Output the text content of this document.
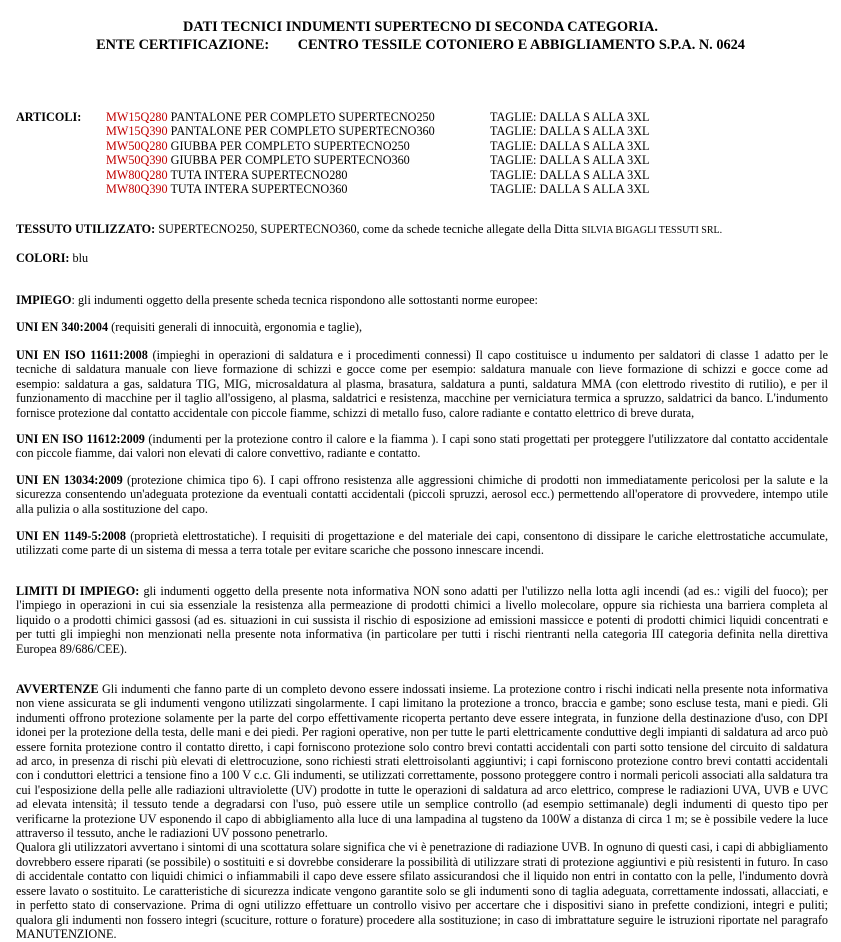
DATI TECNICI INDUMENTI SUPERTECNO DI SECONDA CATEGORIA.
ENTE CERTIFICAZIONE:        CENTRO TESSILE COTONIERO E ABBIGLIAMENTO S.P.A. N. 0624
ARTICOLI: MW15Q280 PANTALONE PER COMPLETO SUPERTECNO250	TAGLIE: DALLA S ALLA 3XL
MW15Q390 PANTALONE PER COMPLETO SUPERTECNO360	TAGLIE: DALLA S ALLA 3XL
MW50Q280 GIUBBA PER COMPLETO SUPERTECNO250	TAGLIE: DALLA S ALLA 3XL
MW50Q390 GIUBBA PER COMPLETO SUPERTECNO360	TAGLIE: DALLA S ALLA 3XL
MW80Q280 TUTA INTERA SUPERTECNO280	TAGLIE: DALLA S ALLA 3XL
MW80Q390 TUTA INTERA SUPERTECNO360	TAGLIE: DALLA S ALLA 3XL

TESSUTO UTILIZZATO: SUPERTECNO250, SUPERTECNO360, come da schede tecniche allegate della Ditta SILVIA BIGAGLI TESSUTI SRL.

COLORI: blu

IMPIEGO: gli indumenti oggetto della presente scheda tecnica rispondono alle sottostanti norme europee:

UNI EN 340:2004 (requisiti generali di innocuità, ergonomia e taglie),

UNI EN ISO 11611:2008 (impieghi in operazioni di saldatura e i procedimenti connessi) Il capo costituisce u indumento per saldatori di classe 1 adatto per le tecniche di saldatura manuale con lieve formazione di schizzi e gocce come per esempio: saldatura manuale con lieve formazione di schizzi e gocce come ad esempio: saldatura a gas, saldatura TIG, MIG, microsaldatura al plasma, brasatura, saldatura a punti, saldatura MMA (con elettrodo rivestito di rutilio), e per il funzionamento di macchine per il taglio all'ossigeno, al plasma, saldatrici e resistenza, macchine per verniciatura termica a spruzzo, saldatrici da banco. L'indumento fornisce protezione dal contatto accidentale con piccole fiamme, schizzi di metallo fuso, calore radiante e contatto elettrico di breve durata,

UNI EN ISO 11612:2009 (indumenti per la protezione contro il calore e la fiamma ). I capi sono stati progettati per proteggere l'utilizzatore dal contatto accidentale con piccole fiamme, dai valori non elevati di calore convettivo, radiante e contatto.

UNI EN 13034:2009 (protezione chimica tipo 6). I capi offrono resistenza alle aggressioni chimiche di prodotti non immediatamente pericolosi per la salute e la sicurezza consentendo un'adeguata protezione da eventuali contatti accidentali (piccoli spruzzi, aerosol ecc.) permettendo all'operatore di provvedere, intempo utile alla pulizia o alla sostituzione del capo.

UNI EN 1149-5:2008 (proprietà elettrostatiche). I requisiti di progettazione e del materiale dei capi, consentono di dissipare le cariche elettrostatiche accumulate, utilizzati come parte di un sistema di messa a terra totale per evitare scariche che possono innescare incendi.

LIMITI DI IMPIEGO: gli indumenti oggetto della presente nota informativa NON sono adatti per l'utilizzo nella lotta agli incendi (ad es.: vigili del fuoco); per l'impiego in operazioni in cui sia essenziale la resistenza alla permeazione di prodotti chimici a livello molecolare, oppure sia richiesta una barriera completa al liquido o a prodotti chimici gassosi (ad es. situazioni in cui sussista il rischio di esposizione ad emissioni massicce e potenti di prodotti chimici liquidi concentrati e per tutti gli impieghi non menzionati nella presente nota informativa (in particolare per tutti i rischi rientranti nella categoria III categoria definita nella direttiva Europea 89/686/CEE).

AVVERTENZE Gli indumenti che fanno parte di un completo devono essere indossati insieme. La protezione contro i rischi indicati nella presente nota informativa non viene assicurata se gli indumenti vengono utilizzati singolarmente. I capi limitano la protezione a tronco, braccia e gambe; sono escluse testa, mani e piedi. Gli indumenti offrono protezione solamente per la parte del corpo effettivamente ricoperta pertanto deve essere integrata, in funzione della destinazione d'uso, con DPI idonei per la protezione della testa, delle mani e dei piedi. Per ragioni operative, non per tutte le parti elettricamente conduttive degli impianti di saldatura ad arco può essere fornita protezione contro il contatto diretto, i capi forniscono protezione solo contro brevi contatti accidentali con parti sotto tensione del circuito di saldatura ad arco, in presenza di rischi più elevati di elettrocuzione, sono richiesti strati elettroisolanti aggiuntivi; i capi forniscono protezione contro brevi contatti accidentali con i conduttori elettrici a tensione fino a 100 V c.c. Gli indumenti, se utilizzati correttamente, possono proteggere contro i normali pericoli associati alla saldatura tra cui l'esposizione della pelle alle radiazioni ultraviolette (UV) prodotte in tutte le operazioni di saldatura ad arco elettrico, comprese le radiazioni UVA, UVB e UVC ad elevata intensità; il tessuto tende a degradarsi con l'uso, può essere utile un semplice controllo (ad esempio settimanale) degli indumenti di questo tipo per verificarne la protezione UV esponendo il capo di abbigliamento alla luce di una lampadina al tugsteno da 100W a distanza di circa 1 m; se è possibile vedere la luce attraverso il tessuto, anche le radiazioni UV possono penetrarlo.

Qualora gli utilizzatori avvertano i sintomi di una scottatura solare significa che vi è penetrazione di radiazione UVB. In ognuno di questi casi, i capi di abbigliamento dovrebbero essere riparati (se possibile) o sostituiti e si dovrebbe considerare la possibilità di utilizzare strati di protezione aggiuntivi e più resistenti in futuro. In caso di accidentale contatto con liquidi chimici o infiammabili il capo deve essere sfilato assicurandosi che il liquido non entri in contatto con la pelle, l'indumento dovrà essere lavato o sostituito. Le caratteristiche di sicurezza indicate vengono garantite solo se gli indumenti sono di taglia adeguata, correttamente indossati, allacciati, e in perfetto stato di conservazione. Prima di ogni utilizzo effettuare un controllo visivo per accertare che i dispositivi siano in prefette condizioni, integri e puliti; qualora gli indumenti non fossero integri (scuciture, rotture o forature) procedere alla sostituzione; in caso di imbrattature seguire le istruzioni riportate nel paragrafo MANUTENZIONE.
